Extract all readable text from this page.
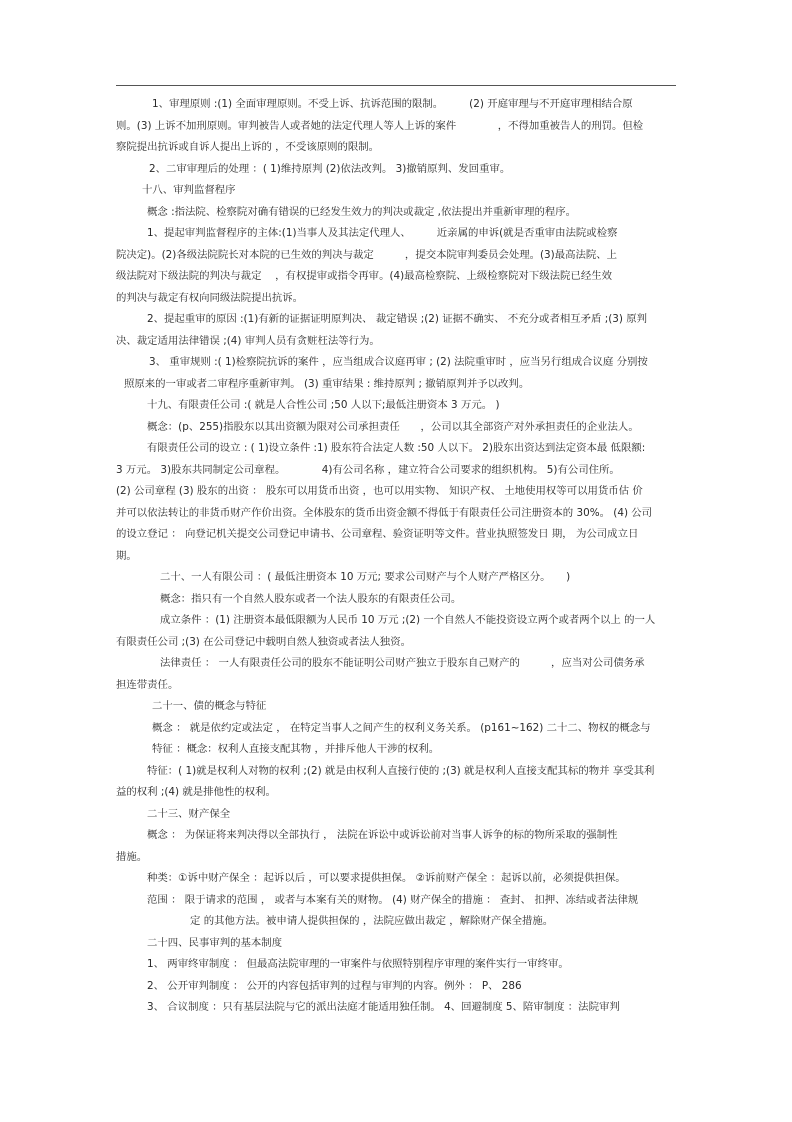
1、审理原则 :(1) 全面审理原则。不受上诉、抗诉范围的限制。　　　(2) 开庭审理与不开庭审理相结合原
则。(3) 上诉不加刑原则。审判被告人或者她的法定代理人等人上诉的案件　　　　，不得加重被告人的刑罚。但检
察院提出抗诉或自诉人提出上诉的 ，不受该原则的限制。
2、二审审理后的处理 ：( 1)维持原判 (2)依法改判。 3)撤销原判、发回重审。
十八、审判监督程序
概念 :指法院、检察院对确有错误的已经发生效力的判决或裁定 ,依法提出并重新审理的程序。
1、提起审判监督程序的主体:(1)当事人及其法定代理人、　　　近亲属的申诉(就是否重审由法院或检察
院决定)。(2)各级法院院长对本院的已生效的判决与裁定　　　，提交本院审判委员会处理。(3)最高法院、上
级法院对下级法院的判决与裁定　 ，有权提审或指令再审。(4)最高检察院、上级检察院对下级法院已经生效
的判决与裁定有权向同级法院提出抗诉。
2、提起重审的原因 :(1)有新的证据证明原判决、 裁定错误 ;(2) 证据不确实、 不充分或者相互矛盾 ;(3) 原判
决、裁定适用法律错误 ;(4) 审判人员有贪赃枉法等行为。
3、 重审规则 :( 1)检察院抗诉的案件 ，应当组成合议庭再审 ; (2) 法院重审时 ，应当另行组成合议庭 分别按
照原来的一审或者二审程序重新审判。 (3) 重审结果 : 维持原判 ; 撤销原判并予以改判。
十九、有限责任公司 :( 就是人合性公司 ;50 人以下;最低注册资本 3 万元。 )
概念：(p、255)指股东以其出资额为限对公司承担责任　　，公司以其全部资产对外承担责任的企业法人。
有限责任公司的设立 : ( 1)设立条件 :1) 股东符合法定人数 :50 人以下。 2)股东出资达到法定资本最 低限额:
3 万元。 3)股东共同制定公司章程。　　　　4)有公司名称 ，建立符合公司要求的组织机构。 5)有公司住所。
(2) 公司章程 (3) 股东的出资 ： 股东可以用货币出资 ，也可以用实物、 知识产权、 土地使用权等可以用货币估 价
并可以依法转让的非货币财产作价出资。全体股东的货币出资金额不得低于有限责任公司注册资本的 30%。 (4) 公司
的设立登记 ： 向登记机关提交公司登记申请书、公司章程、验资证明等文件。营业执照签发日 期， 为公司成立日
期。
二十、一人有限公司 ：( 最低注册资本 10 万元; 要求公司财产与个人财产严格区分。　　)
概念：指只有一个自然人股东或者一个法人股东的有限责任公司。
成立条件 ：(1) 注册资本最低限额为人民币 10 万元 ;(2) 一个自然人不能投资设立两个或者两个以上 的一人
有限责任公司 ;(3) 在公司登记中载明自然人独资或者法人独资。
法律责任 ： 一人有限责任公司的股东不能证明公司财产独立于股东自己财产的　　　，应当对公司债务承
担连带责任。
二十一、债的概念与特征
概念 ： 就是依约定或法定 ， 在特定当事人之间产生的权利义务关系。 (p161~162) 二十二、物权的概念与
特征 ：概念：权利人直接支配其物 ，并排斥他人干涉的权利。
特征：( 1)就是权利人对物的权利 ;(2) 就是由权利人直接行使的 ;(3) 就是权利人直接支配其标的物并 享受其利
益的权利 ;(4) 就是排他性的权利。
二十三、财产保全
概念 ： 为保证将来判决得以全部执行 ， 法院在诉讼中或诉讼前对当事人诉争的标的物所采取的强制性
措施。
种类：①诉中财产保全 ：起诉以后 ，可以要求提供担保。 ②诉前财产保全 ：起诉以前，必须提供担保。
范围 ： 限于请求的范围 ， 或者与本案有关的财物。 (4) 财产保全的措施 ： 查封、 扣押、冻结或者法律规
定 的其他方法。被申请人提供担保的 ，法院应做出裁定 ，解除财产保全措施。
二十四、民事审判的基本制度
1、 两审终审制度 ： 但最高法院审理的一审案件与依照特别程序审理的案件实行一审终审。
2、 公开审判制度 ： 公开的内容包括审判的过程与审判的内容。例外 ： P、 286
3、 合议制度 ：只有基层法院与它的派出法庭才能适用独任制。 4、回避制度 5、陪审制度 ：法院审判
